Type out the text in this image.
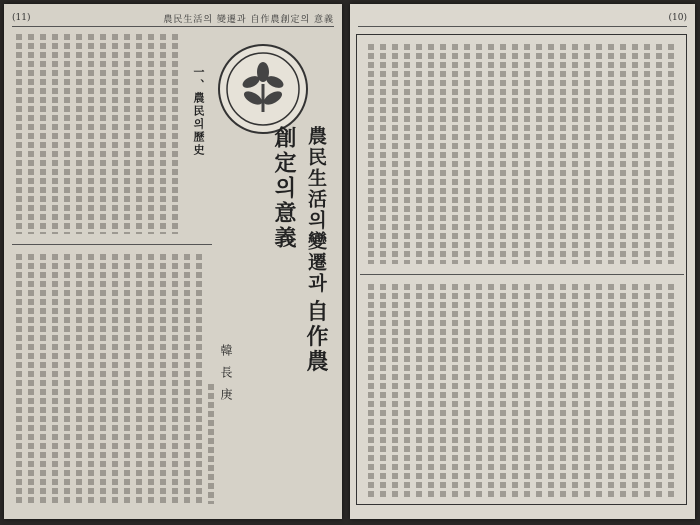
(11)	農民生活의 變遷과 自作農創定의 意義
農民生活의變遷과 自作農創定의意義
韓長庚
一、農民의歷史
(10)
